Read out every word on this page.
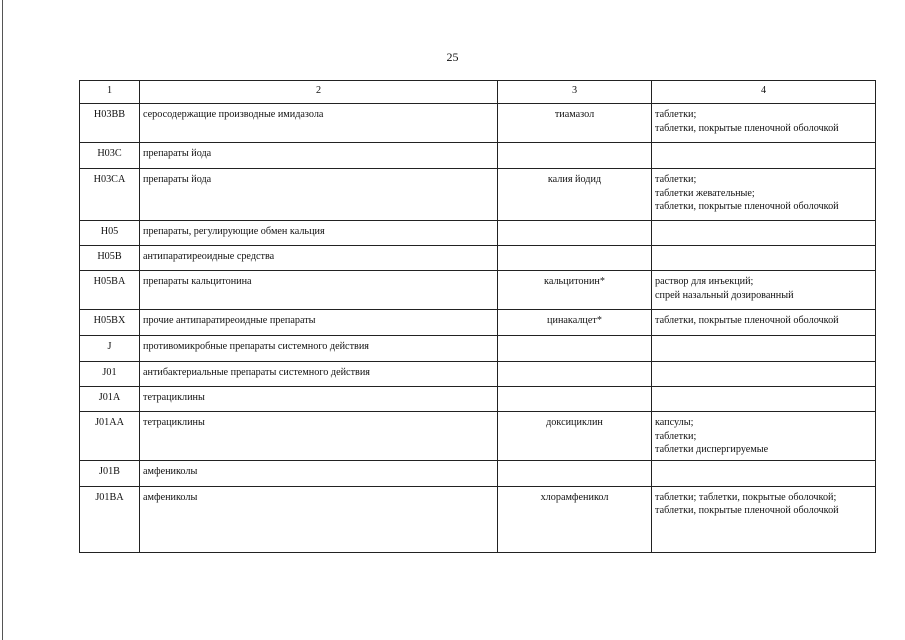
25
1	2	3	4
H03BB	серосодержащие производные имидазола	тиамазол	таблетки;
таблетки, покрытые пленочной оболочкой

H03C	препараты йода		
H03CA	препараты йода	калия йодид	таблетки;
таблетки жевательные;
таблетки, покрытые пленочной оболочкой

H05	препараты, регулирующие обмен кальция		
H05B	антипаратиреоидные средства		
H05BA	препараты кальцитонина	кальцитонин*	раствор для инъекций;
спрей назальный дозированный

H05BX	прочие антипаратиреоидные препараты	цинакалцет*	таблетки, покрытые пленочной оболочкой

J	противомикробные препараты системного действия		
J01	антибактериальные препараты системного действия		
J01A	тетрациклины		
J01AA	тетрациклины	доксициклин	капсулы;
таблетки;
таблетки диспергируемые

J01B	амфениколы		
J01BA	амфениколы	хлорамфеникол	таблетки; таблетки, покрытые оболочкой;
таблетки, покрытые пленочной оболочкой
